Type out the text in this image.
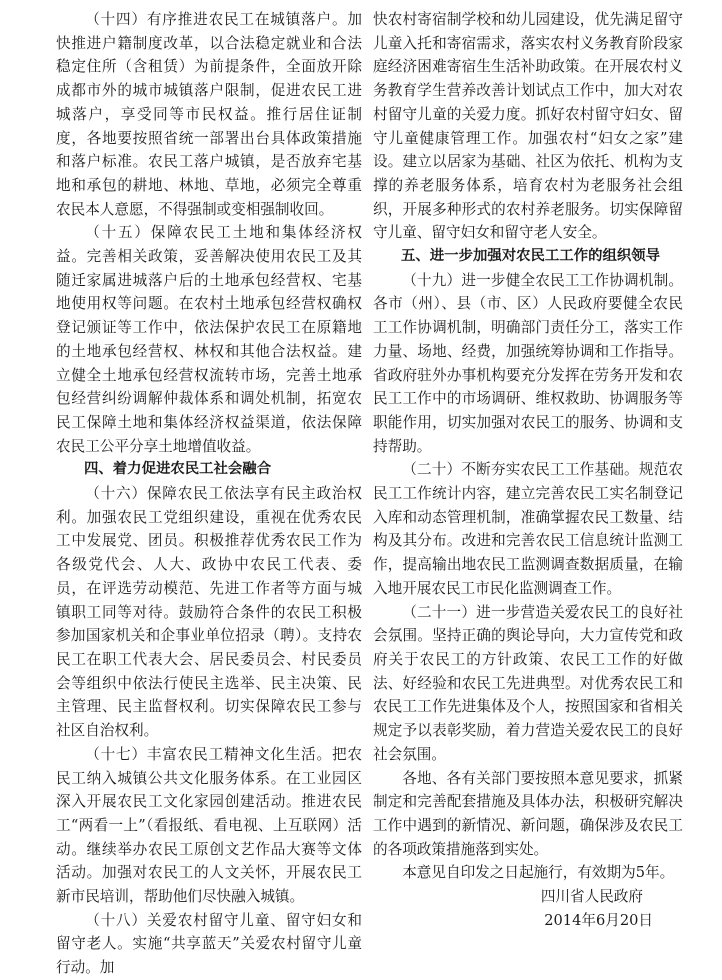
（十四）有序推进农民工在城镇落户。加快推进户籍制度改革，以合法稳定就业和合法稳定住所（含租赁）为前提条件，全面放开除成都市外的城市城镇落户限制，促进农民工进城落户，享受同等市民权益。推行居住证制度，各地要按照省统一部署出台具体政策措施和落户标准。农民工落户城镇，是否放弃宅基地和承包的耕地、林地、草地，必须完全尊重农民本人意愿，不得强制或变相强制收回。

（十五）保障农民工土地和集体经济权益。完善相关政策，妥善解决使用农民工及其随迁家属进城落户后的土地承包经营权、宅基地使用权等问题。在农村土地承包经营权确权登记颁证等工作中，依法保护农民工在原籍地的土地承包经营权、林权和其他合法权益。建立健全土地承包经营权流转市场，完善土地承包经营纠纷调解仲裁体系和调处机制，拓宽农民工保障土地和集体经济权益渠道，依法保障农民工公平分享土地增值收益。

四、着力促进农民工社会融合

（十六）保障农民工依法享有民主政治权利。加强农民工党组织建设，重视在优秀农民工中发展党、团员。积极推荐优秀农民工作为各级党代会、人大、政协中农民工代表、委员，在评选劳动模范、先进工作者等方面与城镇职工同等对待。鼓励符合条件的农民工积极参加国家机关和企事业单位招录（聘）。支持农民工在职工代表大会、居民委员会、村民委员会等组织中依法行使民主选举、民主决策、民主管理、民主监督权利。切实保障农民工参与社区自治权利。

（十七）丰富农民工精神文化生活。把农民工纳入城镇公共文化服务体系。在工业园区深入开展农民工文化家园创建活动。推进农民工“两看一上”（看报纸、看电视、上互联网）活动。继续举办农民工原创文艺作品大赛等文体活动。加强对农民工的人文关怀，开展农民工新市民培训，帮助他们尽快融入城镇。

（十八）关爱农村留守儿童、留守妇女和留守老人。实施“共享蓝天”关爱农村留守儿童行动。加

快农村寄宿制学校和幼儿园建设，优先满足留守儿童入托和寄宿需求，落实农村义务教育阶段家庭经济困难寄宿生生活补助政策。在开展农村义务教育学生营养改善计划试点工作中，加大对农村留守儿童的关爱力度。抓好农村留守妇女、留守儿童健康管理工作。加强农村“妇女之家”建设。建立以居家为基础、社区为依托、机构为支撑的养老服务体系，培育农村为老服务社会组织，开展多种形式的农村养老服务。切实保障留守儿童、留守妇女和留守老人安全。

五、进一步加强对农民工工作的组织领导

（十九）进一步健全农民工工作协调机制。各市（州）、县（市、区）人民政府要健全农民工工作协调机制，明确部门责任分工，落实工作力量、场地、经费，加强统筹协调和工作指导。省政府驻外办事机构要充分发挥在劳务开发和农民工工作中的市场调研、维权救助、协调服务等职能作用，切实加强对农民工的服务、协调和支持帮助。

（二十）不断夯实农民工工作基础。规范农民工工作统计内容，建立完善农民工实名制登记入库和动态管理机制，准确掌握农民工数量、结构及其分布。改进和完善农民工信息统计监测工作，提高输出地农民工监测调查数据质量，在输入地开展农民工市民化监测调查工作。

（二十一）进一步营造关爱农民工的良好社会氛围。坚持正确的舆论导向，大力宣传党和政府关于农民工的方针政策、农民工工作的好做法、好经验和农民工先进典型。对优秀农民工和农民工工作先进集体及个人，按照国家和省相关规定予以表彰奖励，着力营造关爱农民工的良好社会氛围。

各地、各有关部门要按照本意见要求，抓紧制定和完善配套措施及具体办法，积极研究解决工作中遇到的新情况、新问题，确保涉及农民工的各项政策措施落到实处。

本意见自印发之日起施行，有效期为5年。

四川省人民政府

2014年6月20日
